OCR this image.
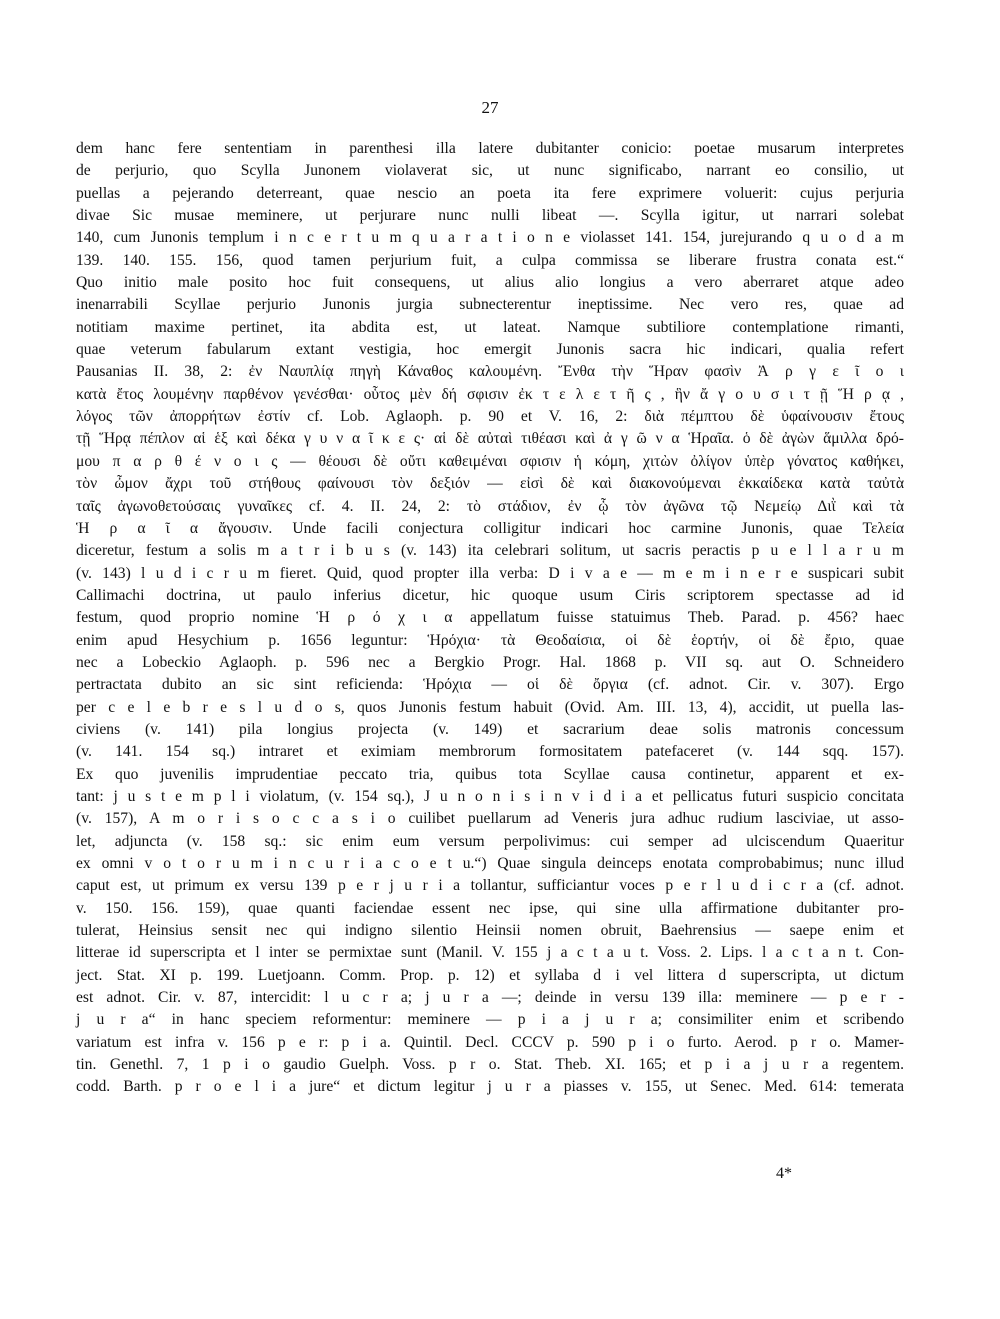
27
dem hanc fere sententiam in parenthesi illa latere dubitanter conicio: poetae musarum interpretes
de perjurio, quo Scylla Junonem violaverat sic, ut nunc significabo, narrant eo consilio, ut
puellas a pejerando deterreant, quae nescio an poeta ita fere exprimere voluerit: cujus perjuria
divae Sic musae meminere, ut perjurare nunc nulli libeat —. Scylla igitur, ut narrari solebat
140, cum Junonis templum i n c e r t u m q u a r a t i o n e violasset 141. 154, jurejurando q u o d a m
139. 140. 155. 156, quod tamen perjurium fuit, a culpa commissa se liberare frustra conata est.“
Quo initio male posito hoc fuit consequens, ut alius alio longius a vero aberraret atque adeo
inenarrabili Scyllae perjurio Junonis jurgia subnecterentur ineptissime. Nec vero res, quae ad
notitiam maxime pertinet, ita abdita est, ut lateat. Namque subtiliore contemplatione rimanti,
quae veterum fabularum extant vestigia, hoc emergit Junonis sacra hic indicari, qualia refert
Pausanias II. 38, 2: ἐν Ναυπλίᾳ πηγὴ Κάναθος καλουμένη. Ἔνθα τὴν Ἥραν φασὶν Ἀ ρ γ ε ῖ ο ι
κατὰ ἔτος λουμένην παρθένον γενέσθαι· οὗτος μὲν δή σφισιν ἐκ τ ε λ ε τ ῆ ς , ἣν ἄ γ ο υ σ ι τ ῇ Ἥ ρ ᾳ ,
λόγος τῶν ἀπορρήτων ἐστίν cf. Lob. Aglaoph. p. 90 et V. 16, 2: διὰ πέμπτου δὲ ὑφαίνουσιν ἔτους
τῇ Ἥρᾳ πέπλον αἱ ἑξ καὶ δέκα γ υ ν α ῖ κ ε ς· αἱ δὲ αὐταὶ τιθέασι καὶ ἀ γ ῶ ν α Ἡραῖα. ὁ δὲ ἀγὼν ἅμιλλα δρό-
μου π α ρ θ έ ν ο ι ς — θέουσι δὲ οὔτι καθειμέναι σφισιν ἡ κόμη, χιτὼν ὀλίγον ὑπὲρ γόνατος καθήκει,
τὸν ὦμον ἄχρι τοῦ στήθους φαίνουσι τὸν δεξιόν — εἰσὶ δὲ καὶ διακονούμεναι ἐκκαίδεκα κατὰ ταὐτὰ
ταῖς ἀγωνοθετούσαις γυναῖκες cf. 4. II. 24, 2: τὸ στάδιον, ἐν ᾧ τὸν ἀγῶνα τῷ Νεμείῳ Διῒ καὶ τὰ
Ἡ ρ α ῖ α ἄγουσιν. Unde facili conjectura colligitur indicari hoc carmine Junonis, quae Τελεία
diceretur, festum a solis m a t r i b u s (v. 143) ita celebrari solitum, ut sacris peractis p u e l l a r u m
(v. 143) l u d i c r u m fieret. Quid, quod propter illa verba: D i v a e — m e m i n e r e suspicari subit
Callimachi doctrina, ut paulo inferius dicetur, hic quoque usum Ciris scriptorem spectasse ad id
festum, quod proprio nomine Ἡ ρ ό χ ι α appellatum fuisse statuimus Theb. Parad. p. 456? haec
enim apud Hesychium p. 1656 leguntur: Ἡρόχια· τὰ Θεοδαίσια, οἱ δὲ ἑορτήν, οἱ δὲ ἔριο, quae
nec a Lobeckio Aglaoph. p. 596 nec a Bergkio Progr. Hal. 1868 p. VII sq. aut O. Schneidero
pertractata dubito an sic sint reficienda: Ἡρόχια — οἱ δὲ ὄργια (cf. adnot. Cir. v. 307). Ergo
per c e l e b r e s l u d o s, quos Junonis festum habuit (Ovid. Am. III. 13, 4), accidit, ut puella las-
civiens (v. 141) pila longius projecta (v. 149) et sacrarium deae solis matronis concessum
(v. 141. 154 sq.) intraret et eximiam membrorum formositatem patefaceret (v. 144 sqq. 157).
Ex quo juvenilis imprudentiae peccato tria, quibus tota Scyllae causa continetur, apparent et ex-
tant: j u s t e m p l i violatum, (v. 154 sq.), J u n o n i s i n v i d i a et pellicatus futuri suspicio concitata
(v. 157), A m o r i s o c c a s i o cuilibet puellarum ad Veneris jura adhuc rudium lasciviae, ut asso-
let, adjuncta (v. 158 sq.: sic enim eum versum perpolivimus: cui semper ad ulciscendum Quaeritur
ex omni v o t o r u m i n c u r i a c o e t u.“) Quae singula deinceps enotata comprobabimus; nunc illud
caput est, ut primum ex versu 139 p e r j u r i a tollantur, sufficiantur voces p e r l u d i c r a (cf. adnot.
v. 150. 156. 159), quae quanti faciendae essent nec ipse, qui sine ulla affirmatione dubitanter pro-
tulerat, Heinsius sensit nec qui indigno silentio Heinsii nomen obruit, Baehrensius — saepe enim et
litterae id superscripta et l inter se permixtae sunt (Manil. V. 155 j a c t a u t. Voss. 2. Lips. l a c t a n t. Con-
ject. Stat. XI p. 199. Luetjoann. Comm. Prop. p. 12) et syllaba d i vel littera d superscripta, ut dictum
est adnot. Cir. v. 87, intercidit: l u c r a; j u r a —; deinde in versu 139 illa: meminere — p e r -
j u r a“ in hanc speciem reformentur: meminere — p i a j u r a; consimiliter enim et scribendo
variatum est infra v. 156 p e r: p i a. Quintil. Decl. CCCV p. 590 p i o furto. Aerod. p r o. Mamer-
tin. Genethl. 7, 1 p i o gaudio Guelph. Voss. p r o. Stat. Theb. XI. 165; et p i a j u r a regentem.
codd. Barth. p r o e l i a jure“ et dictum legitur j u r a piasses v. 155, ut Senec. Med. 614: temerata
4*
